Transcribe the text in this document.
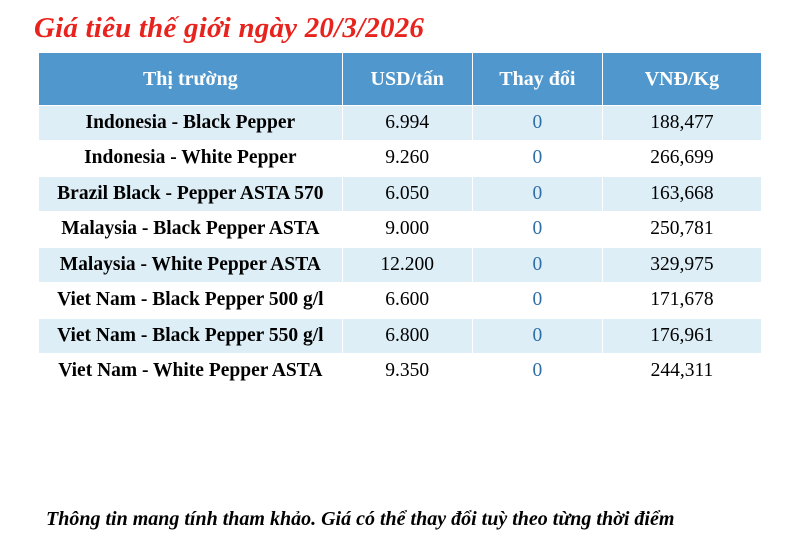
Giá tiêu thế giới ngày 20/3/2026
Thị trường	USD/tấn	Thay đổi	VNĐ/Kg
Indonesia - Black Pepper	6.994	0	188,477
Indonesia - White Pepper	9.260	0	266,699
Brazil Black - Pepper ASTA 570	6.050	0	163,668
Malaysia - Black Pepper ASTA	9.000	0	250,781
Malaysia - White Pepper ASTA	12.200	0	329,975
Viet Nam - Black Pepper 500 g/l	6.600	0	171,678
Viet Nam - Black Pepper 550 g/l	6.800	0	176,961
Viet Nam - White Pepper ASTA	9.350	0	244,311
Thông tin mang tính tham khảo. Giá có thể thay đổi tuỳ theo từng thời điểm
